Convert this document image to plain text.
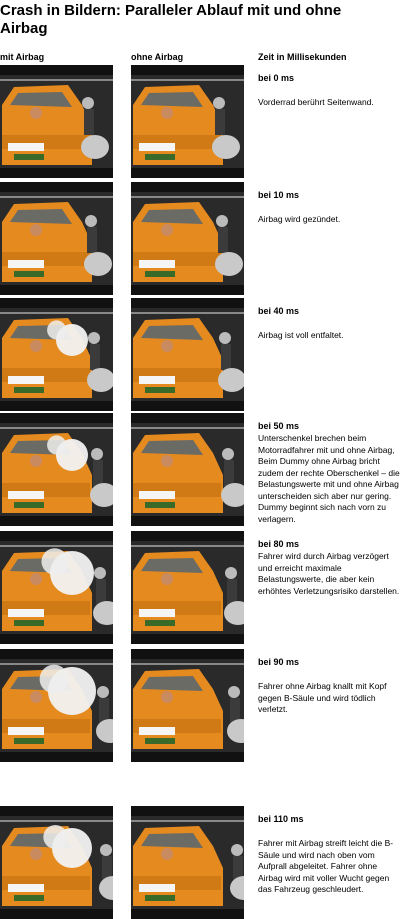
Crash in Bildern: Paralleler Ablauf mit und ohne Airbag
mit Airbag	ohne Airbag	Zeit in Millisekunden
bei 0 ms
Vorderrad berührt Seitenwand.
bei 10 ms
Airbag wird gezündet.
bei 40 ms
Airbag ist voll entfaltet.
bei 50 ms
Unterschenkel brechen beim Motorradfahrer mit und ohne Airbag, Beim Dummy ohne Airbag bricht zudem der rechte Oberschenkel – die Belastungswerte mit und ohne Airbag unterscheiden sich aber nur gering. Dummy beginnt sich nach vorn zu verlagern.
bei 80 ms
Fahrer wird durch Airbag verzögert und erreicht maximale Belastungswerte, die aber kein erhöhtes Verletzungsrisiko darstellen.
bei 90 ms
Fahrer ohne Airbag knallt mit Kopf gegen B-Säule und wird tödlich verletzt.
bei 110 ms
Fahrer mit Airbag streift leicht die B-Säule und wird nach oben vom Aufprall abgeleitet. Fahrer ohne Airbag wird mit voller Wucht gegen das Fahrzeug geschleudert.
